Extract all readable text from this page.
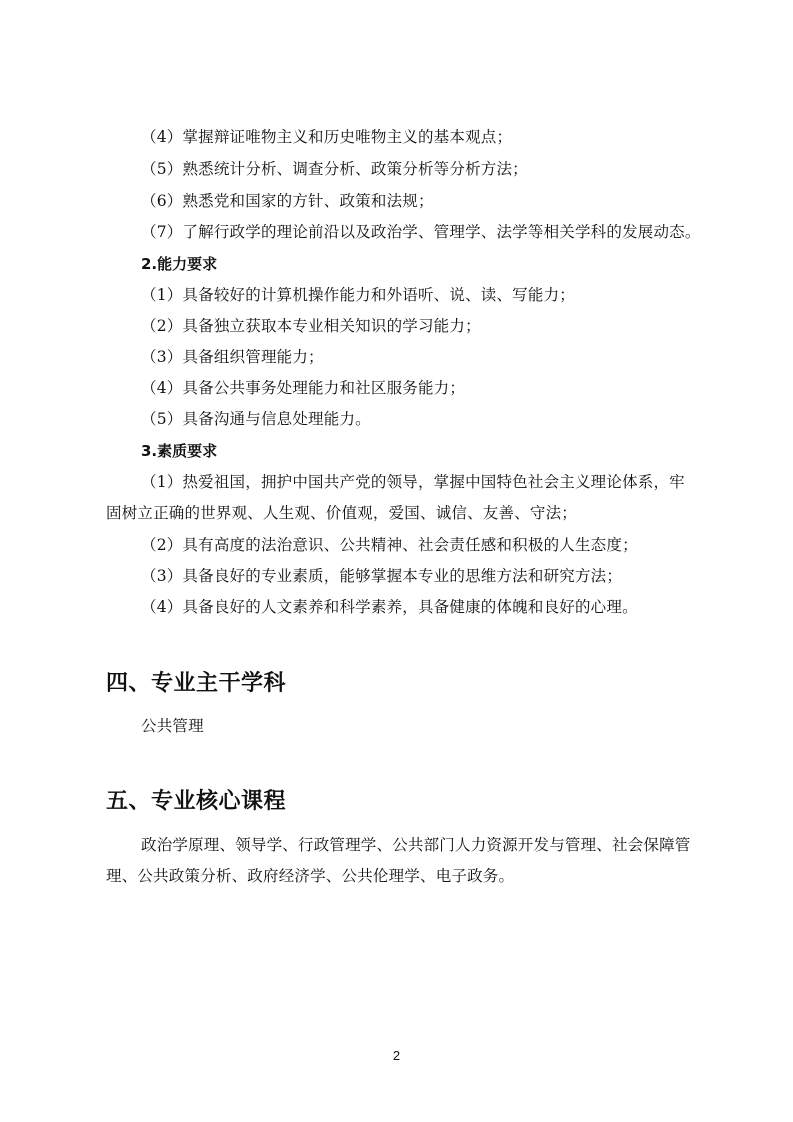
（4）掌握辩证唯物主义和历史唯物主义的基本观点；
（5）熟悉统计分析、调查分析、政策分析等分析方法；
（6）熟悉党和国家的方针、政策和法规；
（7）了解行政学的理论前沿以及政治学、管理学、法学等相关学科的发展动态。
2.能力要求
（1）具备较好的计算机操作能力和外语听、说、读、写能力；
（2）具备独立获取本专业相关知识的学习能力；
（3）具备组织管理能力；
（4）具备公共事务处理能力和社区服务能力；
（5）具备沟通与信息处理能力。
3.素质要求
（1）热爱祖国，拥护中国共产党的领导，掌握中国特色社会主义理论体系，牢
固树立正确的世界观、人生观、价值观，爱国、诚信、友善、守法；
（2）具有高度的法治意识、公共精神、社会责任感和积极的人生态度；
（3）具备良好的专业素质，能够掌握本专业的思维方法和研究方法；
（4）具备良好的人文素养和科学素养，具备健康的体魄和良好的心理。
四、专业主干学科
公共管理
五、专业核心课程
政治学原理、领导学、行政管理学、公共部门人力资源开发与管理、社会保障管
理、公共政策分析、政府经济学、公共伦理学、电子政务。
2
